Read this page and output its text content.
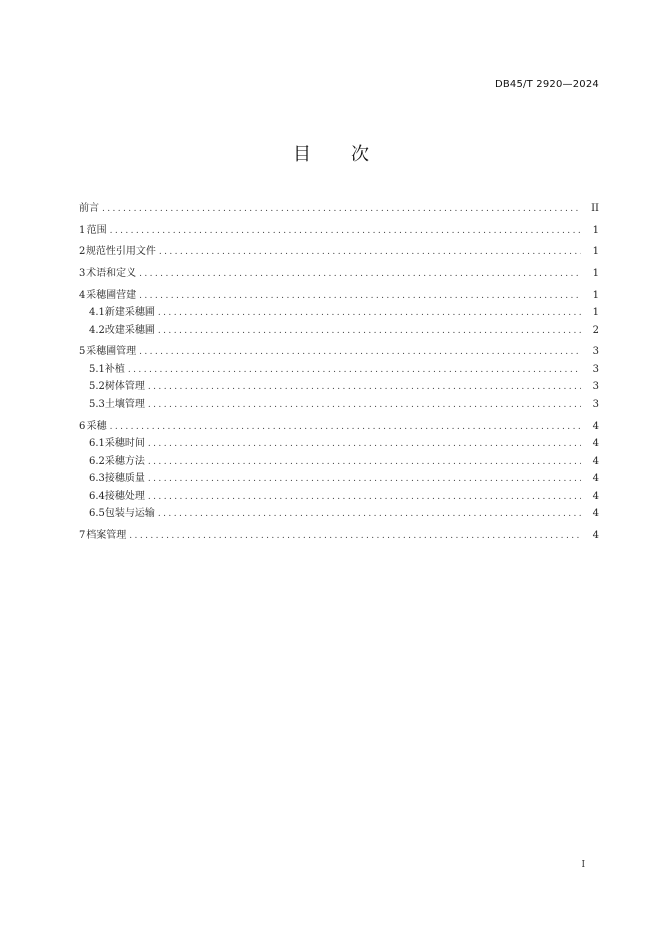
DB45/T 2920—2024
目 次
前言 .....	II
1 范围 .....	1
2 规范性引用文件 .....	1
3 术语和定义 .....	1
4 采穗圃营建 .....	1
4.1 新建采穗圃 .....	1
4.2 改建采穗圃 .....	2
5 采穗圃管理 .....	3
5.1 补植 .....	3
5.2 树体管理 .....	3
5.3 土壤管理 .....	3
6 采穗 .....	4
6.1 采穗时间 .....	4
6.2 采穗方法 .....	4
6.3 接穗质量 .....	4
6.4 接穗处理 .....	4
6.5 包装与运输 .....	4
7 档案管理 .....	4
I
